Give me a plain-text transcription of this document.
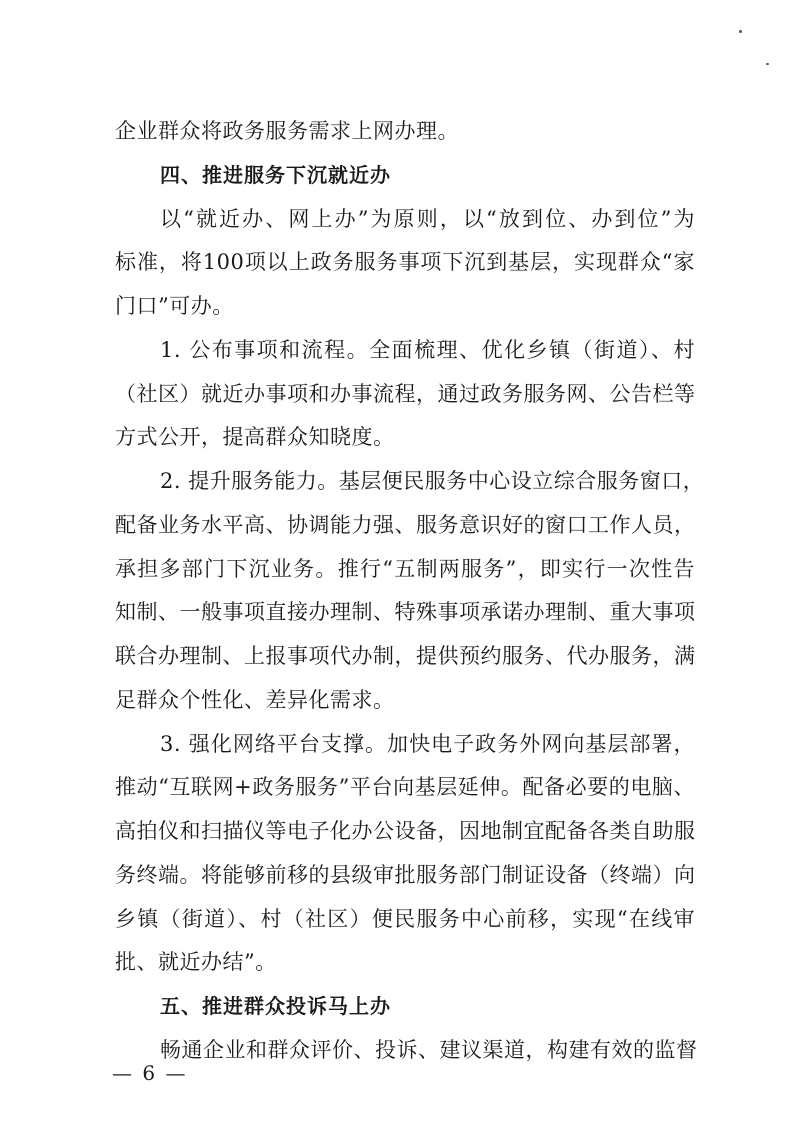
企业群众将政务服务需求上网办理。
四、推进服务下沉就近办
以“就近办、网上办”为原则，以“放到位、办到位”为
标准，将100项以上政务服务事项下沉到基层，实现群众“家
门口”可办。
1. 公布事项和流程。全面梳理、优化乡镇（街道）、村
（社区）就近办事项和办事流程，通过政务服务网、公告栏等
方式公开，提高群众知晓度。
2. 提升服务能力。基层便民服务中心设立综合服务窗口，
配备业务水平高、协调能力强、服务意识好的窗口工作人员，
承担多部门下沉业务。推行“五制两服务”，即实行一次性告
知制、一般事项直接办理制、特殊事项承诺办理制、重大事项
联合办理制、上报事项代办制，提供预约服务、代办服务，满
足群众个性化、差异化需求。
3. 强化网络平台支撑。加快电子政务外网向基层部署，
推动“互联网+政务服务”平台向基层延伸。配备必要的电脑、
高拍仪和扫描仪等电子化办公设备，因地制宜配备各类自助服
务终端。将能够前移的县级审批服务部门制证设备（终端）向
乡镇（街道）、村（社区）便民服务中心前移，实现“在线审
批、就近办结”。
五、推进群众投诉马上办
畅通企业和群众评价、投诉、建议渠道，构建有效的监督
— 6 —
